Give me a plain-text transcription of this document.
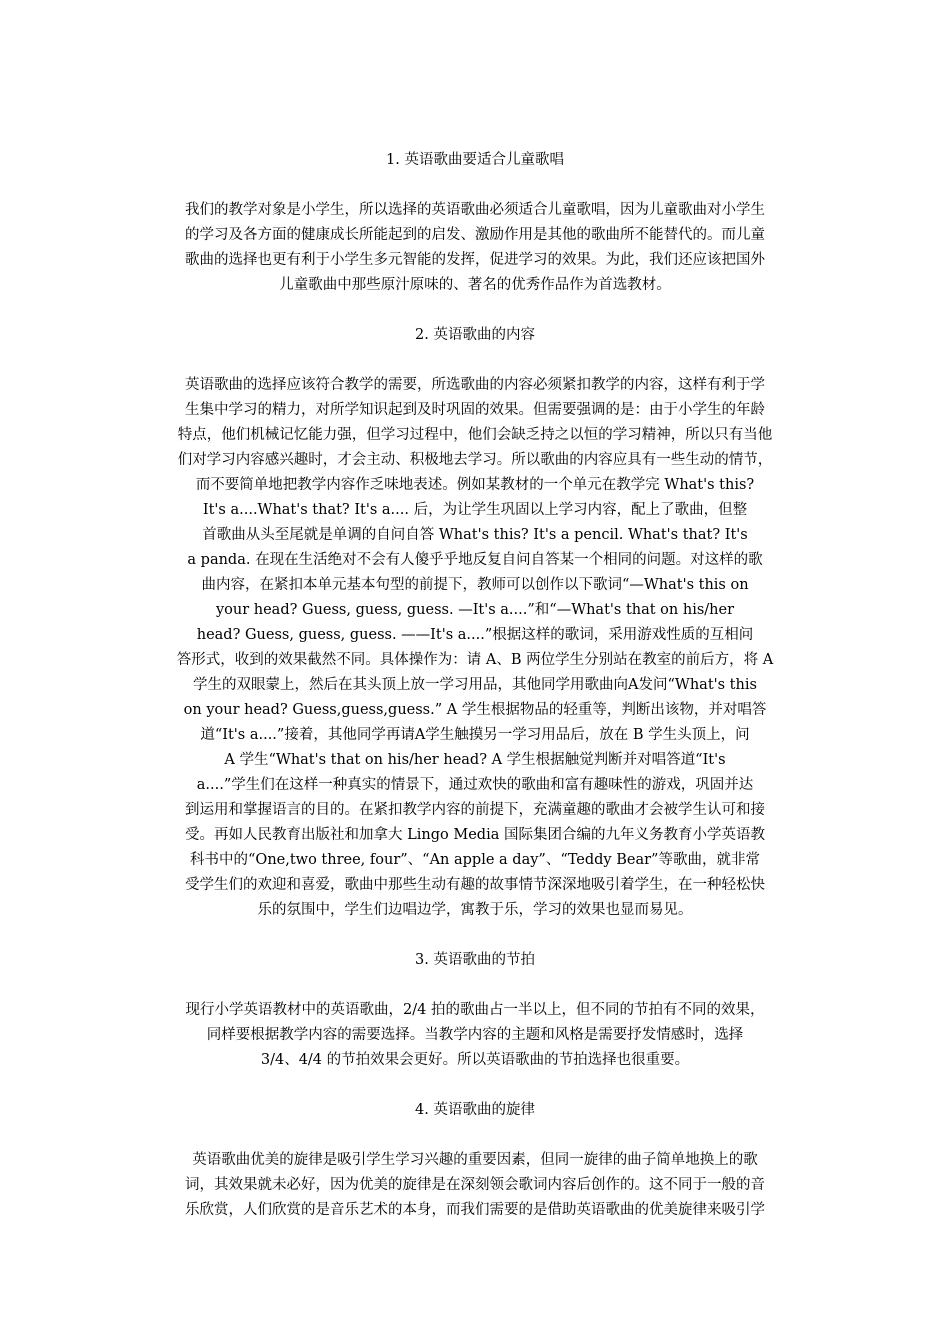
1. 英语歌曲要适合儿童歌唱

我们的教学对象是小学生，所以选择的英语歌曲必须适合儿童歌唱，因为儿童歌曲对小学生
的学习及各方面的健康成长所能起到的启发、激励作用是其他的歌曲所不能替代的。而儿童
歌曲的选择也更有利于小学生多元智能的发挥，促进学习的效果。为此，我们还应该把国外
儿童歌曲中那些原汁原味的、著名的优秀作品作为首选教材。

2. 英语歌曲的内容

英语歌曲的选择应该符合教学的需要，所选歌曲的内容必须紧扣教学的内容，这样有利于学
生集中学习的精力，对所学知识起到及时巩固的效果。但需要强调的是：由于小学生的年龄
特点，他们机械记忆能力强，但学习过程中，他们会缺乏持之以恒的学习精神，所以只有当他
们对学习内容感兴趣时，才会主动、积极地去学习。所以歌曲的内容应具有一些生动的情节，
而不要简单地把教学内容作乏味地表述。例如某教材的一个单元在教学完 What's this?
It's a....What's that? It's a.... 后，为让学生巩固以上学习内容，配上了歌曲，但整
首歌曲从头至尾就是单调的自问自答 What's this? It's a pencil. What's that? It's
a panda. 在现在生活绝对不会有人傻乎乎地反复自问自答某一个相同的问题。对这样的歌
曲内容，在紧扣本单元基本句型的前提下，教师可以创作以下歌词“—What's this on
your head? Guess, guess, guess. —It's a....”和“—What's that on his/her
head? Guess, guess, guess. ——It's a....”根据这样的歌词，采用游戏性质的互相问
答形式，收到的效果截然不同。具体操作为：请 A、B 两位学生分别站在教室的前后方，将 A
学生的双眼蒙上，然后在其头顶上放一学习用品，其他同学用歌曲向A发问“What's this
on your head? Guess,guess,guess.” A 学生根据物品的轻重等，判断出该物，并对唱答
道“It's a....”接着，其他同学再请A学生触摸另一学习用品后，放在 B 学生头顶上，问
A 学生“What's that on his/her head? A 学生根据触觉判断并对唱答道“It's
a....”学生们在这样一种真实的情景下，通过欢快的歌曲和富有趣味性的游戏，巩固并达
到运用和掌握语言的目的。在紧扣教学内容的前提下，充满童趣的歌曲才会被学生认可和接
受。再如人民教育出版社和加拿大 Lingo Media 国际集团合编的九年义务教育小学英语教
科书中的“One,two three, four”、“An apple a day”、“Teddy Bear”等歌曲，就非常
受学生们的欢迎和喜爱，歌曲中那些生动有趣的故事情节深深地吸引着学生，在一种轻松快
乐的氛围中，学生们边唱边学，寓教于乐，学习的效果也显而易见。

3. 英语歌曲的节拍

现行小学英语教材中的英语歌曲，2/4 拍的歌曲占一半以上，但不同的节拍有不同的效果，
同样要根据教学内容的需要选择。当教学内容的主题和风格是需要抒发情感时，选择
3/4、4/4 的节拍效果会更好。所以英语歌曲的节拍选择也很重要。

4. 英语歌曲的旋律

英语歌曲优美的旋律是吸引学生学习兴趣的重要因素，但同一旋律的曲子简单地换上的歌
词，其效果就未必好，因为优美的旋律是在深刻领会歌词内容后创作的。这不同于一般的音
乐欣赏，人们欣赏的是音乐艺术的本身，而我们需要的是借助英语歌曲的优美旋律来吸引学
